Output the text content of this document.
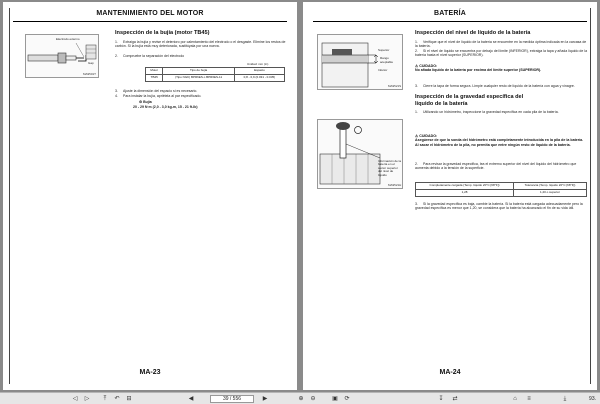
MANTENIMIENTO DEL MOTOR
Electrodo externo
Gap
MA9501T
Inspección de la bujía (motor TB45)
1. Extraiga la bujía y revise el deterioro por calentamiento del electrodo o el desgaste. Elimine los restos de carbón. Si la bujía está muy deteriorada, sustitúyala por una nueva.
2. Compruebe la separación del electrodo
Unidad: mm (in)
Motor	Tipo de bujía	Espacio
TB45	(Tipo NGK) BPR6ES o BPR6ES-11	0,8 - 0,9 (0.031 - 0.035)
3. Ajuste la dimensión del espacio si es necesario.
4. Para instalar la bujía, apriétela al par especificado.
⚙ Bujía
20 - 29 N·m (2,0 - 3,0 kg-m, 15 - 21 ft-lb)
MA-23
BATERÍA
Superior
Rango aceptable
Inferior
MA9521S
Inspección del nivel de líquido de la batería
1. Verifique que el nivel de líquido de la batería se encuentre en la medida óptima indicada en la carcasa de la batería.
2. Si el nivel de líquido se encuentra por debajo del límite (INFERIOR), extraiga la tapa y añada líquido de la batería hasta el nivel superior (SUPERIOR).
⚠ CUIDADO:
No añada líquido de la batería por encima del límite superior (SUPERIOR).
3. Cierre la tapa de forma segura. Limpie cualquier resto de líquido de la batería con agua y vinagre.
Inspección de la gravedad específica del
líquido de la batería
1. Utilizando un hidrómetro, inspeccione la gravedad específica en cada pila de la batería.
Información de la batería en el sector superior del nivel de líquido
MA9521H
⚠ CUIDADO:
Asegúrese de que la sonda del hidrómetro está completamente introducida en la pila de la batería. Al sacar el hidrómetro de la pila, no permita que entre ningún resto de líquido de la batería.
2. Para revisar la gravedad específica, lea el extremo superior del nivel del líquido del hidrómetro que aumenta debido a la tensión de la superficie.
Completamente cargada (Temp. líquido 20°C [68°F])	Tolerancia (Temp. líquido 20°C [68°F])
1,28	1,20 o superior
3. Si la gravedad específica es baja, cambie la batería. Si la batería está cargada adecuadamente pero la gravedad específica es menor que 1,20, se considera que la batería ha alcanzado el fin de su vida útil.
MA-24
◁	▷	⤒	↶	⊟	◀
39 / 556	▶	⊕	⊖	▣	⟳	↧	⇄	⌂	≡	⤓	93.
